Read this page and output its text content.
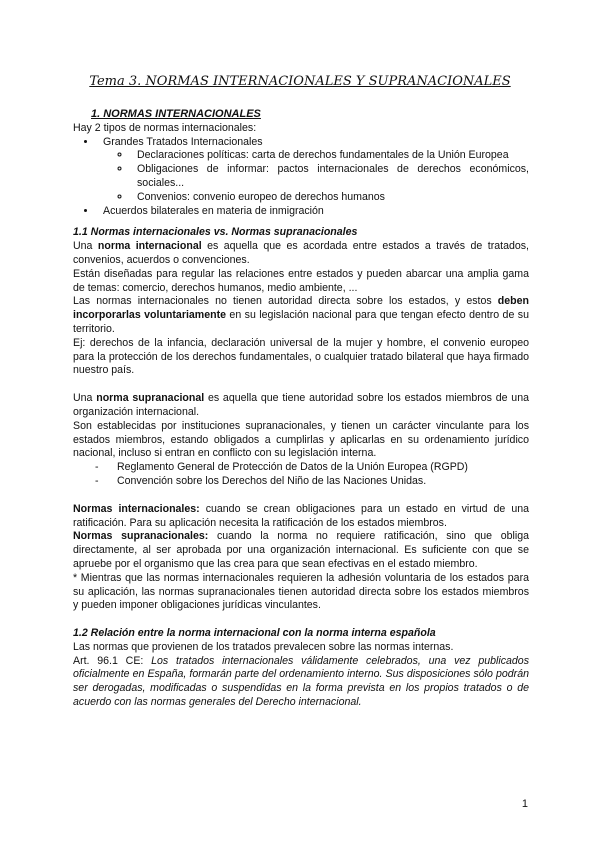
Tema 3. NORMAS INTERNACIONALES Y SUPRANACIONALES
1. NORMAS INTERNACIONALES

Hay 2 tipos de normas internacionales:

• Grandes Tratados Internacionales
◦ Declaraciones políticas: carta de derechos fundamentales de la Unión Europea
◦ Obligaciones de informar: pactos internacionales de derechos económicos, sociales...
◦ Convenios: convenio europeo de derechos humanos
• Acuerdos bilaterales en materia de inmigración
1.1 Normas internacionales vs. Normas supranacionales

Una norma internacional es aquella que es acordada entre estados a través de tratados, convenios, acuerdos o convenciones.

Están diseñadas para regular las relaciones entre estados y pueden abarcar una amplia gama de temas: comercio, derechos humanos, medio ambiente, ...

Las normas internacionales no tienen autoridad directa sobre los estados, y estos deben incorporarlas voluntariamente en su legislación nacional para que tengan efecto dentro de su territorio.

Ej: derechos de la infancia, declaración universal de la mujer y hombre, el convenio europeo para la protección de los derechos fundamentales, o cualquier tratado bilateral que haya firmado nuestro país.

Una norma supranacional es aquella que tiene autoridad sobre los estados miembros de una organización internacional.

Son establecidas por instituciones supranacionales, y tienen un carácter vinculante para los estados miembros, estando obligados a cumplirlas y aplicarlas en su ordenamiento jurídico nacional, incluso si entran en conflicto con su legislación interna.

- Reglamento General de Protección de Datos de la Unión Europea (RGPD)
- Convención sobre los Derechos del Niño de las Naciones Unidas.

Normas internacionales: cuando se crean obligaciones para un estado en virtud de una ratificación. Para su aplicación necesita la ratificación de los estados miembros.

Normas supranacionales: cuando la norma no requiere ratificación, sino que obliga directamente, al ser aprobada por una organización internacional. Es suficiente con que se apruebe por el organismo que las crea para que sean efectivas en el estado miembro.

* Mientras que las normas internacionales requieren la adhesión voluntaria de los estados para su aplicación, las normas supranacionales tienen autoridad directa sobre los estados miembros y pueden imponer obligaciones jurídicas vinculantes.

1.2 Relación entre la norma internacional con la norma interna española

Las normas que provienen de los tratados prevalecen sobre las normas internas.

Art. 96.1 CE: Los tratados internacionales válidamente celebrados, una vez publicados oficialmente en España, formarán parte del ordenamiento interno. Sus disposiciones sólo podrán ser derogadas, modificadas o suspendidas en la forma prevista en los propios tratados o de acuerdo con las normas generales del Derecho internacional.

1
